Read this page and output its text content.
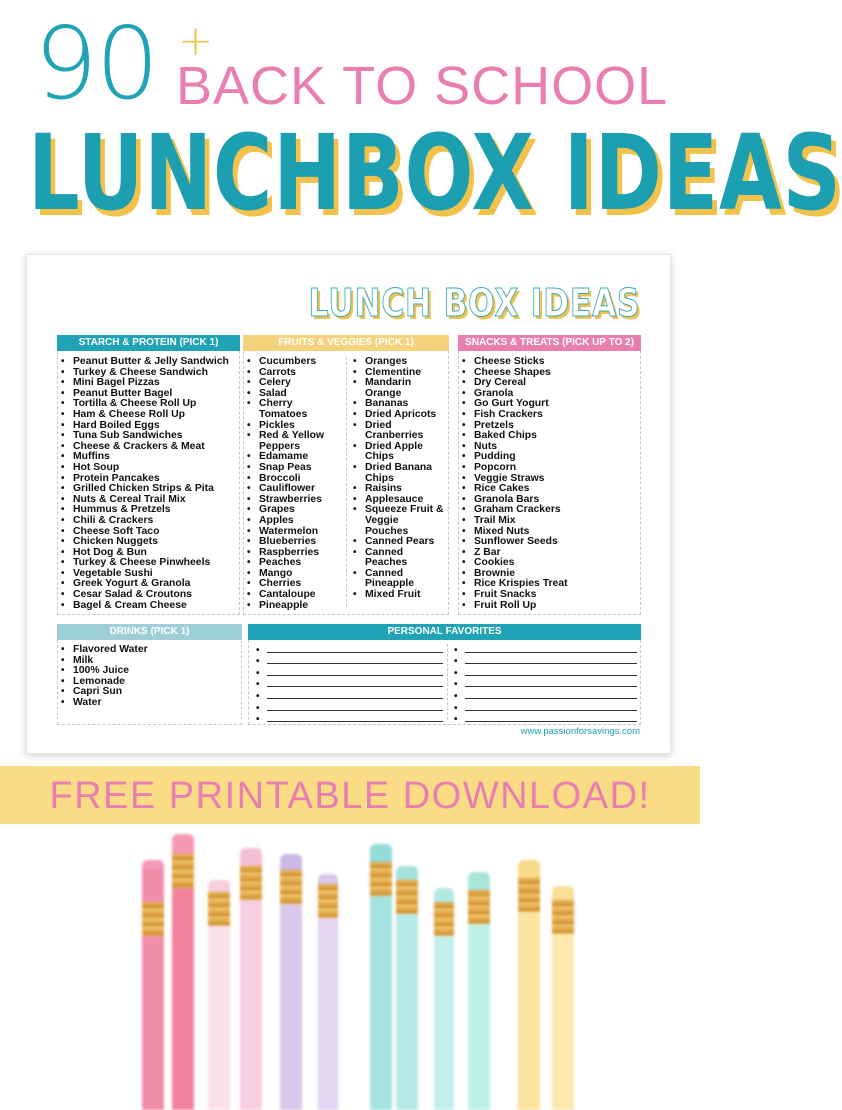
90 +
BACK TO SCHOOL
LUNCHBOX IDEAS
LUNCH BOX IDEAS
STARCH & PROTEIN (PICK 1)
• Peanut Butter & Jelly Sandwich
• Turkey & Cheese Sandwich
• Mini Bagel Pizzas
• Peanut Butter Bagel
• Tortilla & Cheese Roll Up
• Ham & Cheese Roll Up
• Hard Boiled Eggs
• Tuna Sub Sandwiches
• Cheese & Crackers & Meat
• Muffins
• Hot Soup
• Protein Pancakes
• Grilled Chicken Strips & Pita
• Nuts & Cereal Trail Mix
• Hummus & Pretzels
• Chili & Crackers
• Cheese Soft Taco
• Chicken Nuggets
• Hot Dog & Bun
• Turkey & Cheese Pinwheels
• Vegetable Sushi
• Greek Yogurt & Granola
• Cesar Salad & Croutons
• Bagel & Cream Cheese
FRUITS & VEGGIES (PICK 1)
• Cucumbers
• Carrots
• Celery
• Salad
• Cherry
Tomatoes
• Pickles
• Red & Yellow
Peppers
• Edamame
• Snap Peas
• Broccoli
• Cauliflower
• Strawberries
• Grapes
• Apples
• Watermelon
• Blueberries
• Raspberries
• Peaches
• Mango
• Cherries
• Cantaloupe
• Pineapple
• Oranges
• Clementine
• Mandarin
Orange
• Bananas
• Dried Apricots
• Dried
Cranberries
• Dried Apple
Chips
• Dried Banana
Chips
• Raisins
• Applesauce
• Squeeze Fruit &
Veggie
Pouches
• Canned Pears
• Canned
Peaches
• Canned
Pineapple
• Mixed Fruit
SNACKS & TREATS (PICK UP TO 2)
• Cheese Sticks
• Cheese Shapes
• Dry Cereal
• Granola
• Go Gurt Yogurt
• Fish Crackers
• Pretzels
• Baked Chips
• Nuts
• Pudding
• Popcorn
• Veggie Straws
• Rice Cakes
• Granola Bars
• Graham Crackers
• Trail Mix
• Mixed Nuts
• Sunflower Seeds
• Z Bar
• Cookies
• Brownie
• Rice Krispies Treat
• Fruit Snacks
• Fruit Roll Up
DRINKS (PICK 1)
• Flavored Water
• Milk
• 100% Juice
• Lemonade
• Capri Sun
• Water
PERSONAL FAVORITES
•
•
•
•
•
•
•
•
•
•
•
•
•
•
www.passionforsavings.com
FREE PRINTABLE DOWNLOAD!
